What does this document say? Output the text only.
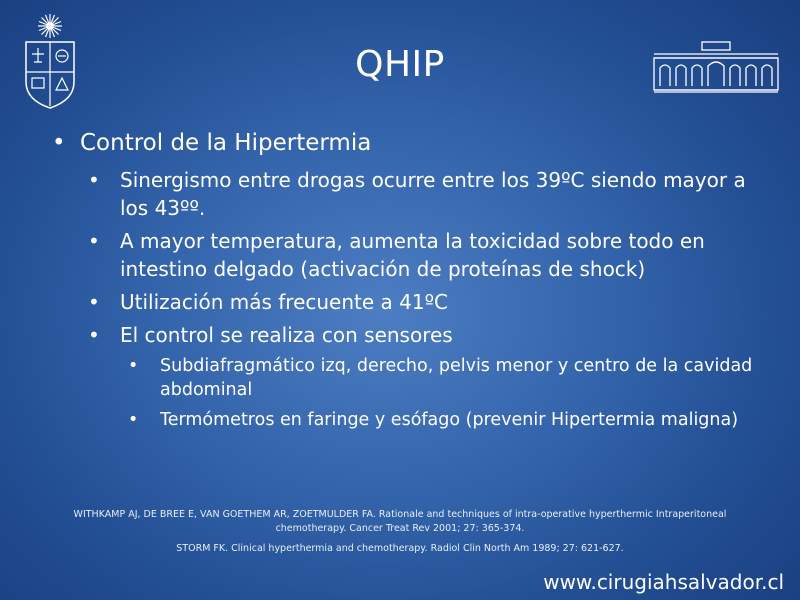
QHIP
• Control de la Hipertermia
• Sinergismo entre drogas ocurre entre los 39ºC siendo mayor a los 43ºº.
• A mayor temperatura, aumenta la toxicidad sobre todo en intestino delgado (activación de proteínas de shock)
• Utilización más frecuente a 41ºC
• El control se realiza con sensores
• Subdiafragmático izq, derecho, pelvis menor y centro de la cavidad abdominal
• Termómetros en faringe y esófago (prevenir Hipertermia maligna)

WITHKAMP AJ, DE BREE E, VAN GOETHEM AR, ZOETMULDER FA. Rationale and techniques of intra-operative hyperthermic Intraperitoneal chemotherapy. Cancer Treat Rev 2001; 27: 365-374.

STORM FK. Clinical hyperthermia and chemotherapy. Radiol Clin North Am 1989; 27: 621-627.

www.cirugiahsalvador.cl
